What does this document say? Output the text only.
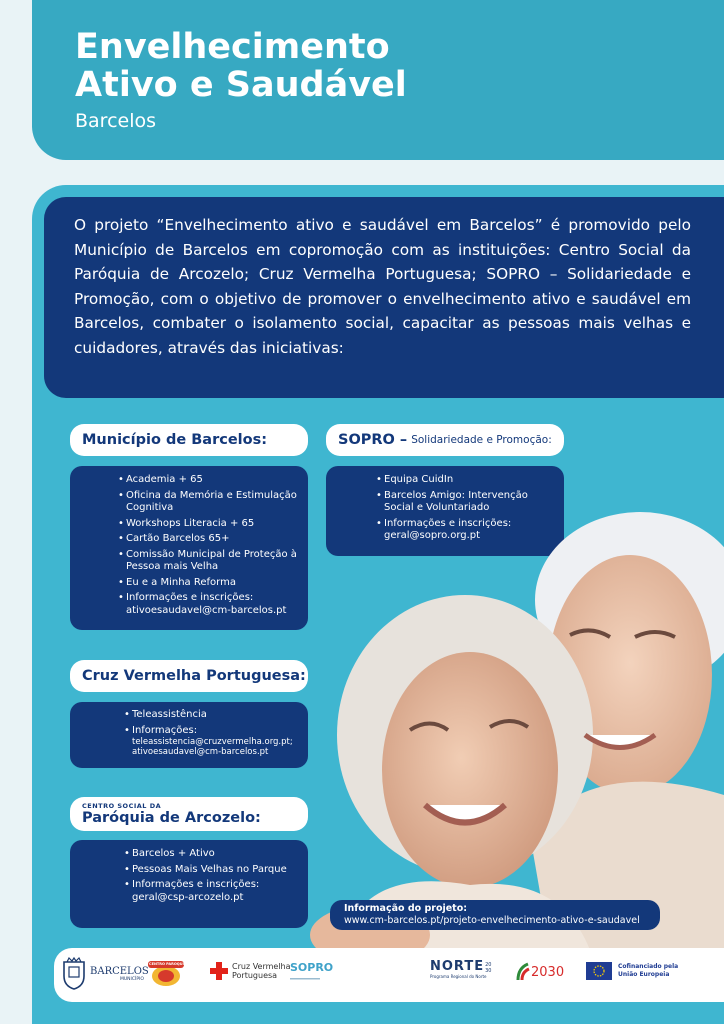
Envelhecimento
Ativo e Saudável
Barcelos

O projeto “Envelhecimento ativo e saudável em Barcelos” é promovido pelo Município de Barcelos em copromoção com as instituições: Centro Social da Paróquia de Arcozelo; Cruz Vermelha Portuguesa; SOPRO – Solidariedade e Promoção, com o objetivo de promover o envelhecimento ativo e saudável em Barcelos, combater o isolamento social, capacitar as pessoas mais velhas e cuidadores, através das iniciativas:

Município de Barcelos:
• Academia + 65
• Oficina da Memória e Estimulação Cognitiva
• Workshops Literacia + 65
• Cartão Barcelos 65+
• Comissão Municipal de Proteção à Pessoa mais Velha
• Eu e a Minha Reforma
• Informações e inscrições: ativoesaudavel@cm-barcelos.pt
SOPRO – Solidariedade e Promoção:
• Equipa CuidIn
• Barcelos Amigo: Intervenção Social e Voluntariado
• Informações e inscrições: geral@sopro.org.pt
Cruz Vermelha Portuguesa:
• Teleassistência
• Informações:
teleassistencia@cruzvermelha.org.pt;
ativoesaudavel@cm-barcelos.pt
CENTRO SOCIAL DA
Paróquia de Arcozelo:
• Barcelos + Ativo
• Pessoas Mais Velhas no Parque
• Informações e inscrições: geral@csp-arcozelo.pt
Informação do projeto:
www.cm-barcelos.pt/projeto-envelhecimento-ativo-e-saudavel
BARCELOS
MUNICÍPIO
CENTRO PAROQUIAL	Cruz Vermelha
Portuguesa
SOPRO	NORTE 20
30
Programa Regional do Norte	2030	Cofinanciado pela
União Europeia
